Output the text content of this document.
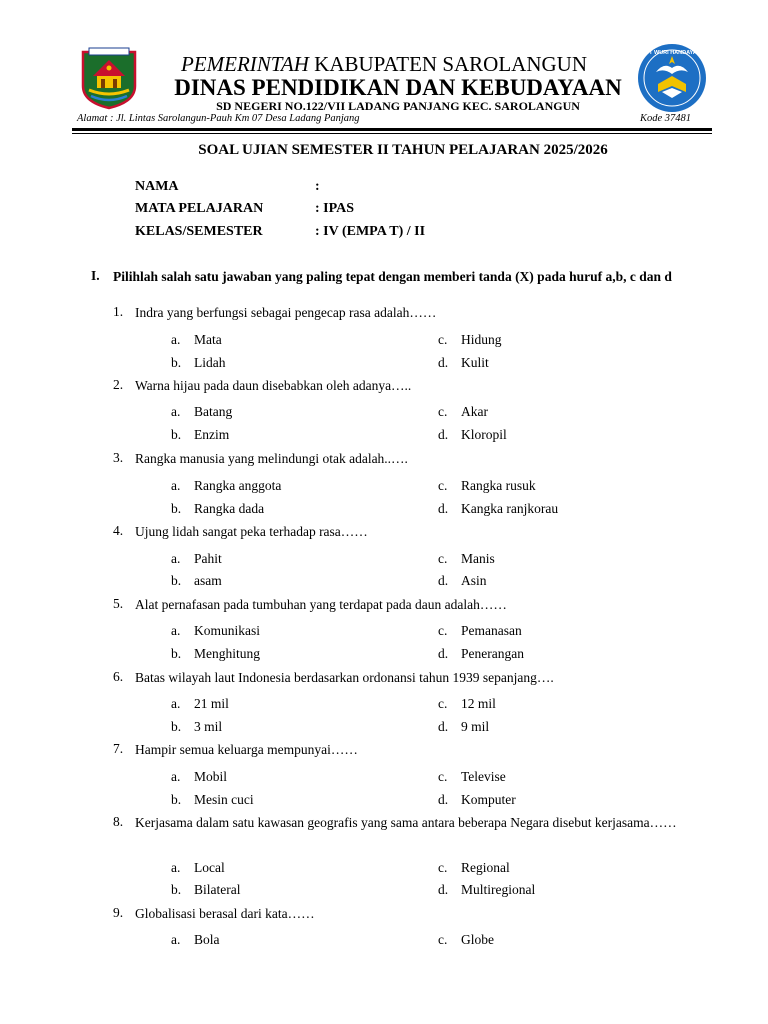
TUT WURI HANDAYANI
PEMERINTAH KABUPATEN SAROLANGUN
DINAS PENDIDIKAN DAN KEBUDAYAAN
SD NEGERI NO.122/VII LADANG PANJANG KEC. SAROLANGUN
Alamat : Jl. Lintas Sarolangun-Pauh Km 07 Desa Ladang Panjang	Kode 37481
SOAL UJIAN SEMESTER II TAHUN PELAJARAN 2025/2026
NAMA	:
MATA PELAJARAN	: IPAS
KELAS/SEMESTER	: IV (EMPA T) / II
I. Pilihlah salah satu jawaban yang paling tepat dengan memberi tanda (X) pada huruf a,b, c dan d
1. Indra yang berfungsi sebagai pengecap rasa adalah……
a. Mata
b. Lidah
c. Hidung
d. Kulit
2. Warna hijau pada daun disebabkan oleh adanya…..
a. Batang
b. Enzim
c. Akar
d. Kloropil
3. Rangka manusia yang melindungi otak adalah..….
a. Rangka anggota
b. Rangka dada
c. Rangka rusuk
d. Kangka ranjkorau
4. Ujung lidah sangat peka terhadap rasa……
a. Pahit
b. asam
c. Manis
d. Asin
5. Alat pernafasan pada tumbuhan yang terdapat pada daun adalah……
a. Komunikasi
b. Menghitung
c. Pemanasan
d. Penerangan
6. Batas wilayah laut Indonesia berdasarkan ordonansi tahun 1939 sepanjang….
a. 21 mil
b. 3 mil
c. 12 mil
d. 9 mil
7. Hampir semua keluarga mempunyai……
a. Mobil
b. Mesin cuci
c. Televise
d. Komputer
8. Kerjasama dalam satu kawasan geografis yang sama antara beberapa Negara disebut kerjasama……
a. Local
b. Bilateral
c. Regional
d. Multiregional
9. Globalisasi berasal dari kata……
a. Bola	c. Globe
